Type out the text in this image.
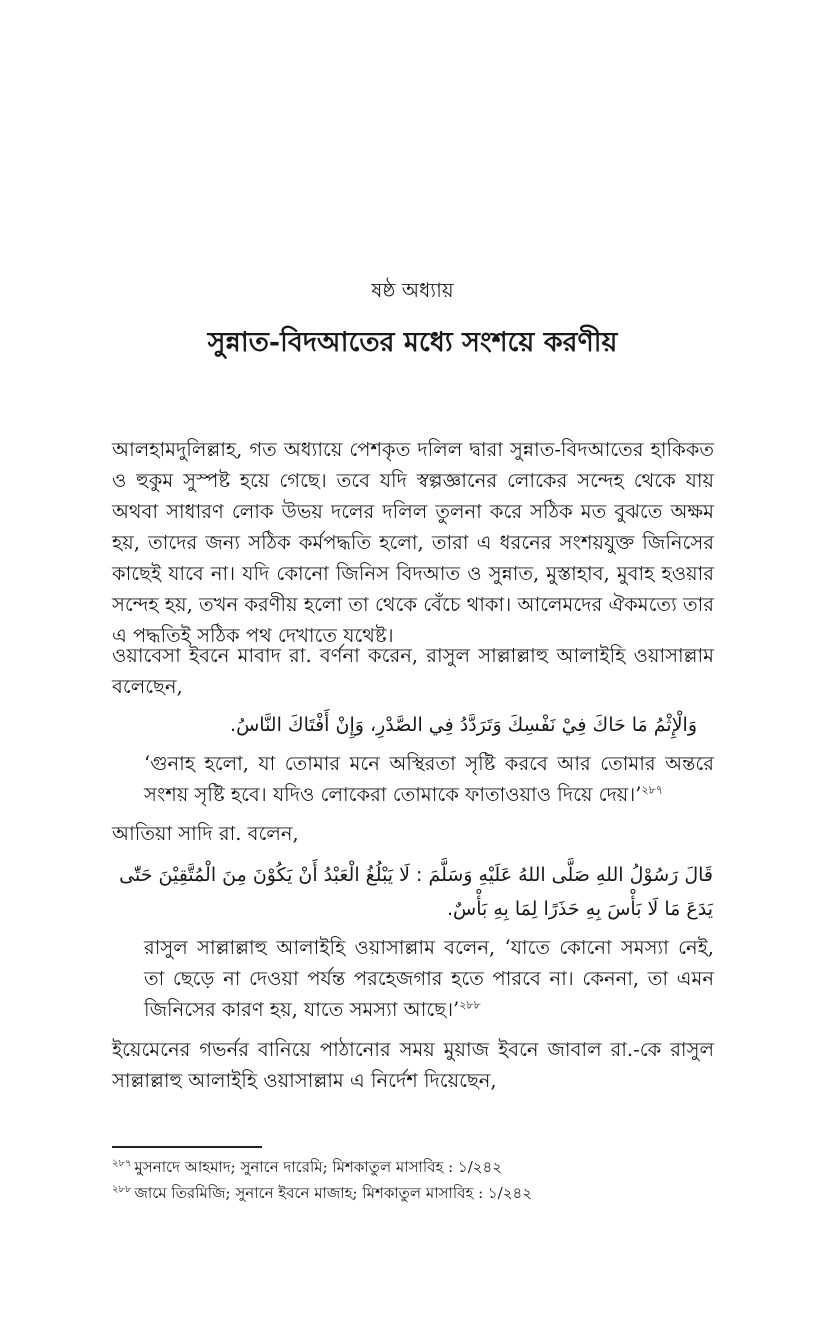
ষষ্ঠ অধ্যায়
সুন্নাত-বিদআতের মধ্যে সংশয়ে করণীয়

আলহামদুলিল্লাহ, গত অধ্যায়ে পেশকৃত দলিল দ্বারা সুন্নাত-বিদআতের হাকিকত ও হুকুম সুস্পষ্ট হয়ে গেছে। তবে যদি স্বল্পজ্ঞানের লোকের সন্দেহ থেকে যায় অথবা সাধারণ লোক উভয় দলের দলিল তুলনা করে সঠিক মত বুঝতে অক্ষম হয়, তাদের জন্য সঠিক কর্মপদ্ধতি হলো, তারা এ ধরনের সংশয়যুক্ত জিনিসের কাছেই যাবে না। যদি কোনো জিনিস বিদআত ও সুন্নাত, মুস্তাহাব, মুবাহ হওয়ার সন্দেহ হয়, তখন করণীয় হলো তা থেকে বেঁচে থাকা। আলেমদের ঐকমত্যে তার এ পদ্ধতিই সঠিক পথ দেখাতে যথেষ্ট।

ওয়াবেসা ইবনে মাবাদ রা. বর্ণনা করেন, রাসুল সাল্লাল্লাহু আলাইহি ওয়াসাল্লাম বলেছেন,

وَالْإِثْمُ مَا حَاكَ فِيْ نَفْسِكَ وَتَرَدَّدُ فِي الصَّدْرِ، وَإِنْ أَفْتَاكَ النَّاسُ.

‘গুনাহ হলো, যা তোমার মনে অস্থিরতা সৃষ্টি করবে আর তোমার অন্তরে সংশয় সৃষ্টি হবে। যদিও লোকেরা তোমাকে ফাতাওয়াও দিয়ে দেয়।’$^{২৮৭}$

আতিয়া সাদি রা. বলেন,

قَالَ رَسُوْلُ اللهِ صَلَّى اللهُ عَلَيْهِ وَسَلَّمَ : لَا يَبْلُغُ الْعَبْدُ أَنْ يَكُوْنَ مِنَ الْمُتَّقِيْنَ حَتّٰى

يَدَعَ مَا لَا بَأْسَ بِهِ حَذَرًا لِمَا بِهِ بَأْسٌ.

রাসুল সাল্লাল্লাহু আলাইহি ওয়াসাল্লাম বলেন, ‘যাতে কোনো সমস্যা নেই, তা ছেড়ে না দেওয়া পর্যন্ত পরহেজগার হতে পারবে না। কেননা, তা এমন জিনিসের কারণ হয়, যাতে সমস্যা আছে।’$^{২৮৮}$

ইয়েমেনের গভর্নর বানিয়ে পাঠানোর সময় মুয়াজ ইবনে জাবাল রা.-কে রাসুল সাল্লাল্লাহু আলাইহি ওয়াসাল্লাম এ নির্দেশ দিয়েছেন,

$^{২৮৭}$ মুসনাদে আহমাদ; সুনানে দারেমি; মিশকাতুল মাসাবিহ : ১/২৪২

$^{২৮৮}$ জামে তিরমিজি; সুনানে ইবনে মাজাহ; মিশকাতুল মাসাবিহ : ১/২৪২
